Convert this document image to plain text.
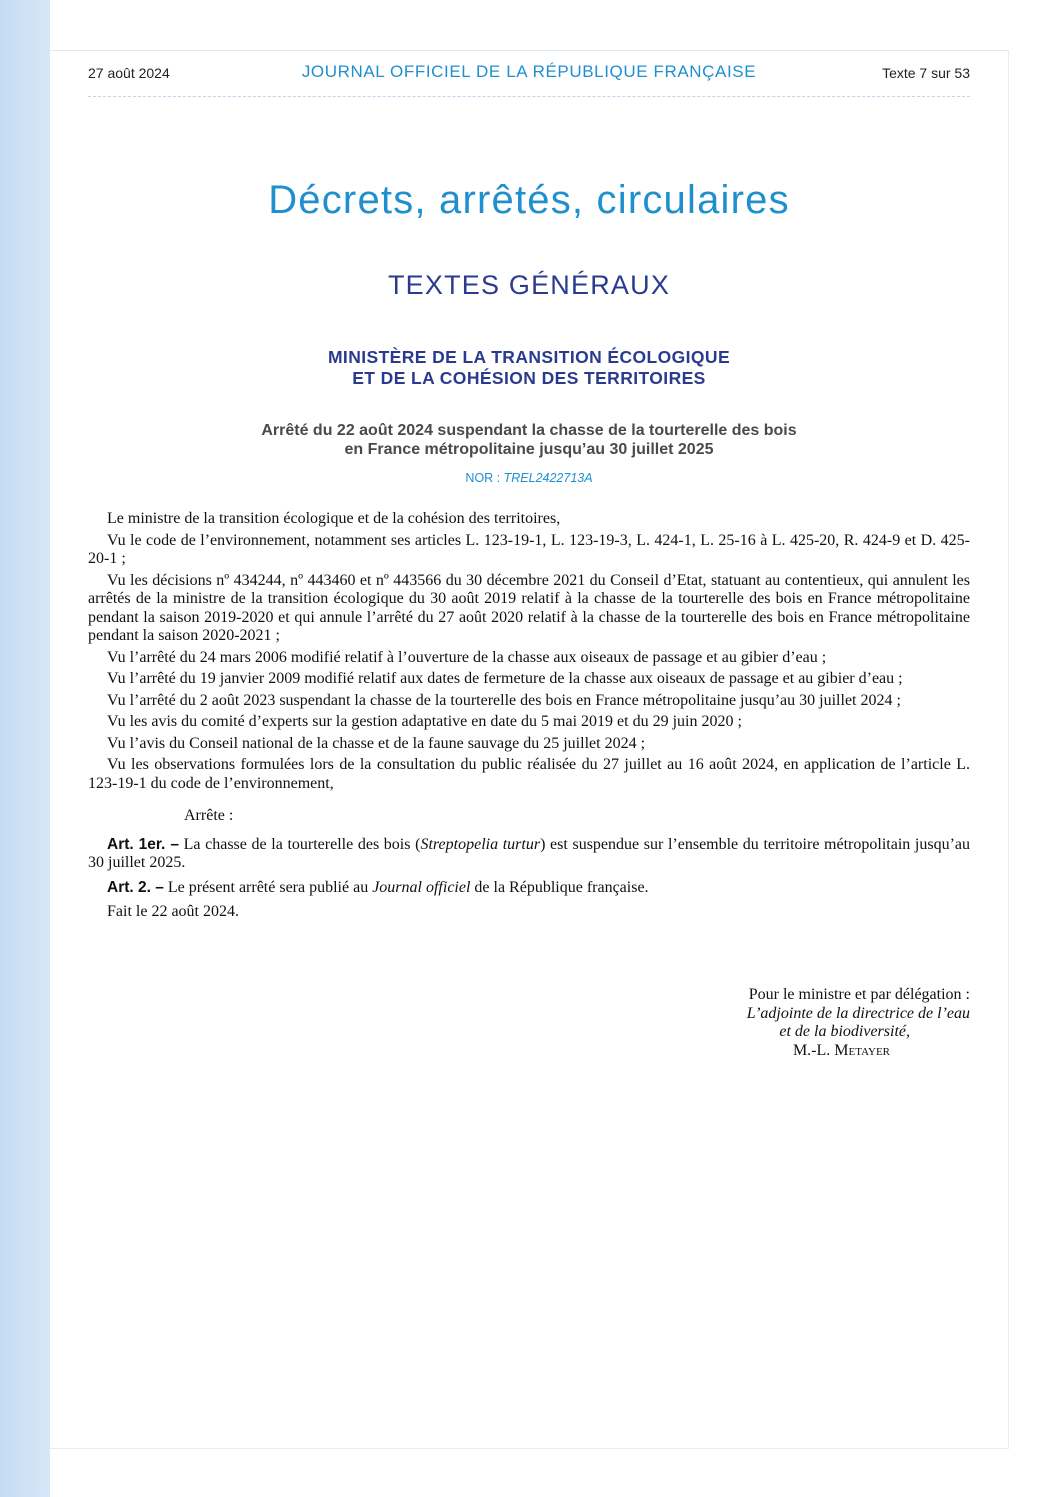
27 août 2024	JOURNAL OFFICIEL DE LA RÉPUBLIQUE FRANÇAISE	Texte 7 sur 53
Décrets, arrêtés, circulaires
TEXTES GÉNÉRAUX
MINISTÈRE DE LA TRANSITION ÉCOLOGIQUE
ET DE LA COHÉSION DES TERRITOIRES
Arrêté du 22 août 2024 suspendant la chasse de la tourterelle des bois
en France métropolitaine jusqu’au 30 juillet 2025
NOR : TREL2422713A

Le ministre de la transition écologique et de la cohésion des territoires,

Vu le code de l’environnement, notamment ses articles L. 123-19-1, L. 123-19-3, L. 424-1, L. 25-16 à L. 425-20, R. 424-9 et D. 425-20-1 ;

Vu les décisions nº 434244, nº 443460 et nº 443566 du 30 décembre 2021 du Conseil d’Etat, statuant au contentieux, qui annulent les arrêtés de la ministre de la transition écologique du 30 août 2019 relatif à la chasse de la tourterelle des bois en France métropolitaine pendant la saison 2019-2020 et qui annule l’arrêté du 27 août 2020 relatif à la chasse de la tourterelle des bois en France métropolitaine pendant la saison 2020-2021 ;

Vu l’arrêté du 24 mars 2006 modifié relatif à l’ouverture de la chasse aux oiseaux de passage et au gibier d’eau ;

Vu l’arrêté du 19 janvier 2009 modifié relatif aux dates de fermeture de la chasse aux oiseaux de passage et au gibier d’eau ;

Vu l’arrêté du 2 août 2023 suspendant la chasse de la tourterelle des bois en France métropolitaine jusqu’au 30 juillet 2024 ;

Vu les avis du comité d’experts sur la gestion adaptative en date du 5 mai 2019 et du 29 juin 2020 ;

Vu l’avis du Conseil national de la chasse et de la faune sauvage du 25 juillet 2024 ;

Vu les observations formulées lors de la consultation du public réalisée du 27 juillet au 16 août 2024, en application de l’article L. 123-19-1 du code de l’environnement,

Arrête :

Art. 1er. – La chasse de la tourterelle des bois (Streptopelia turtur) est suspendue sur l’ensemble du territoire métropolitain jusqu’au 30 juillet 2025.

Art. 2. – Le présent arrêté sera publié au Journal officiel de la République française.

Fait le 22 août 2024.

Pour le ministre et par délégation :
L’adjointe de la directrice de l’eau
et de la biodiversité,
M.-L. Metayer
